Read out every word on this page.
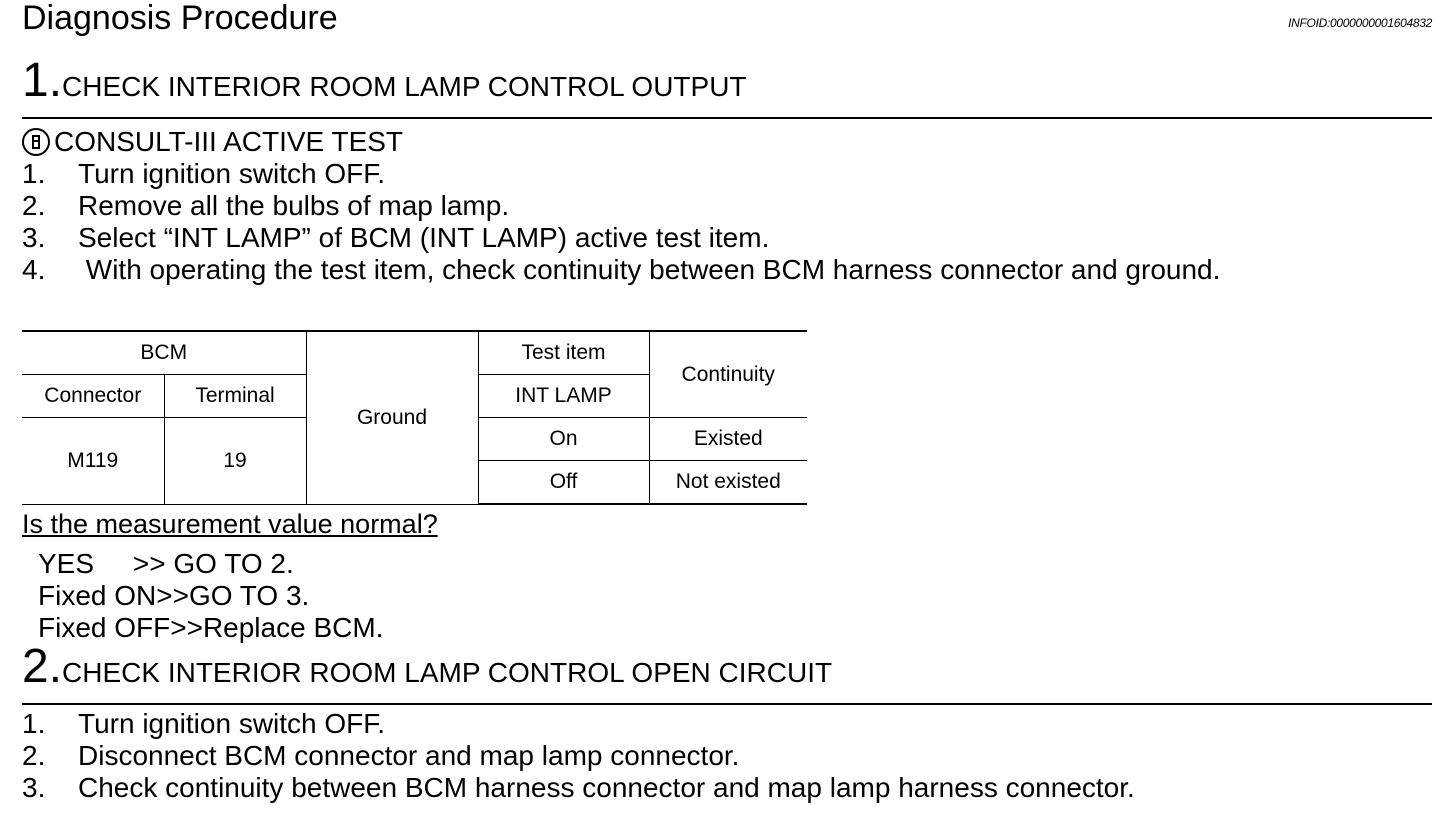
Diagnosis Procedure	INFOID:0000000001604832
1.CHECK INTERIOR ROOM LAMP CONTROL OUTPUT
CONSULT-III ACTIVE TEST
1.	Turn ignition switch OFF.
2.	Remove all the bulbs of map lamp.
3.	Select “INT LAMP” of BCM (INT LAMP) active test item.
4.	With operating the test item, check continuity between BCM harness connector and ground.
BCM		Ground	Test item	Continuity
Connector	Terminal		INT LAMP	
M119	19		On	Existed
			Off	Not existed
Is the measurement value normal?
YES     >> GO TO 2.
Fixed ON>>GO TO 3.
Fixed OFF>>Replace BCM.
2.CHECK INTERIOR ROOM LAMP CONTROL OPEN CIRCUIT
1.	Turn ignition switch OFF.
2.	Disconnect BCM connector and map lamp connector.
3.	Check continuity between BCM harness connector and map lamp harness connector.
